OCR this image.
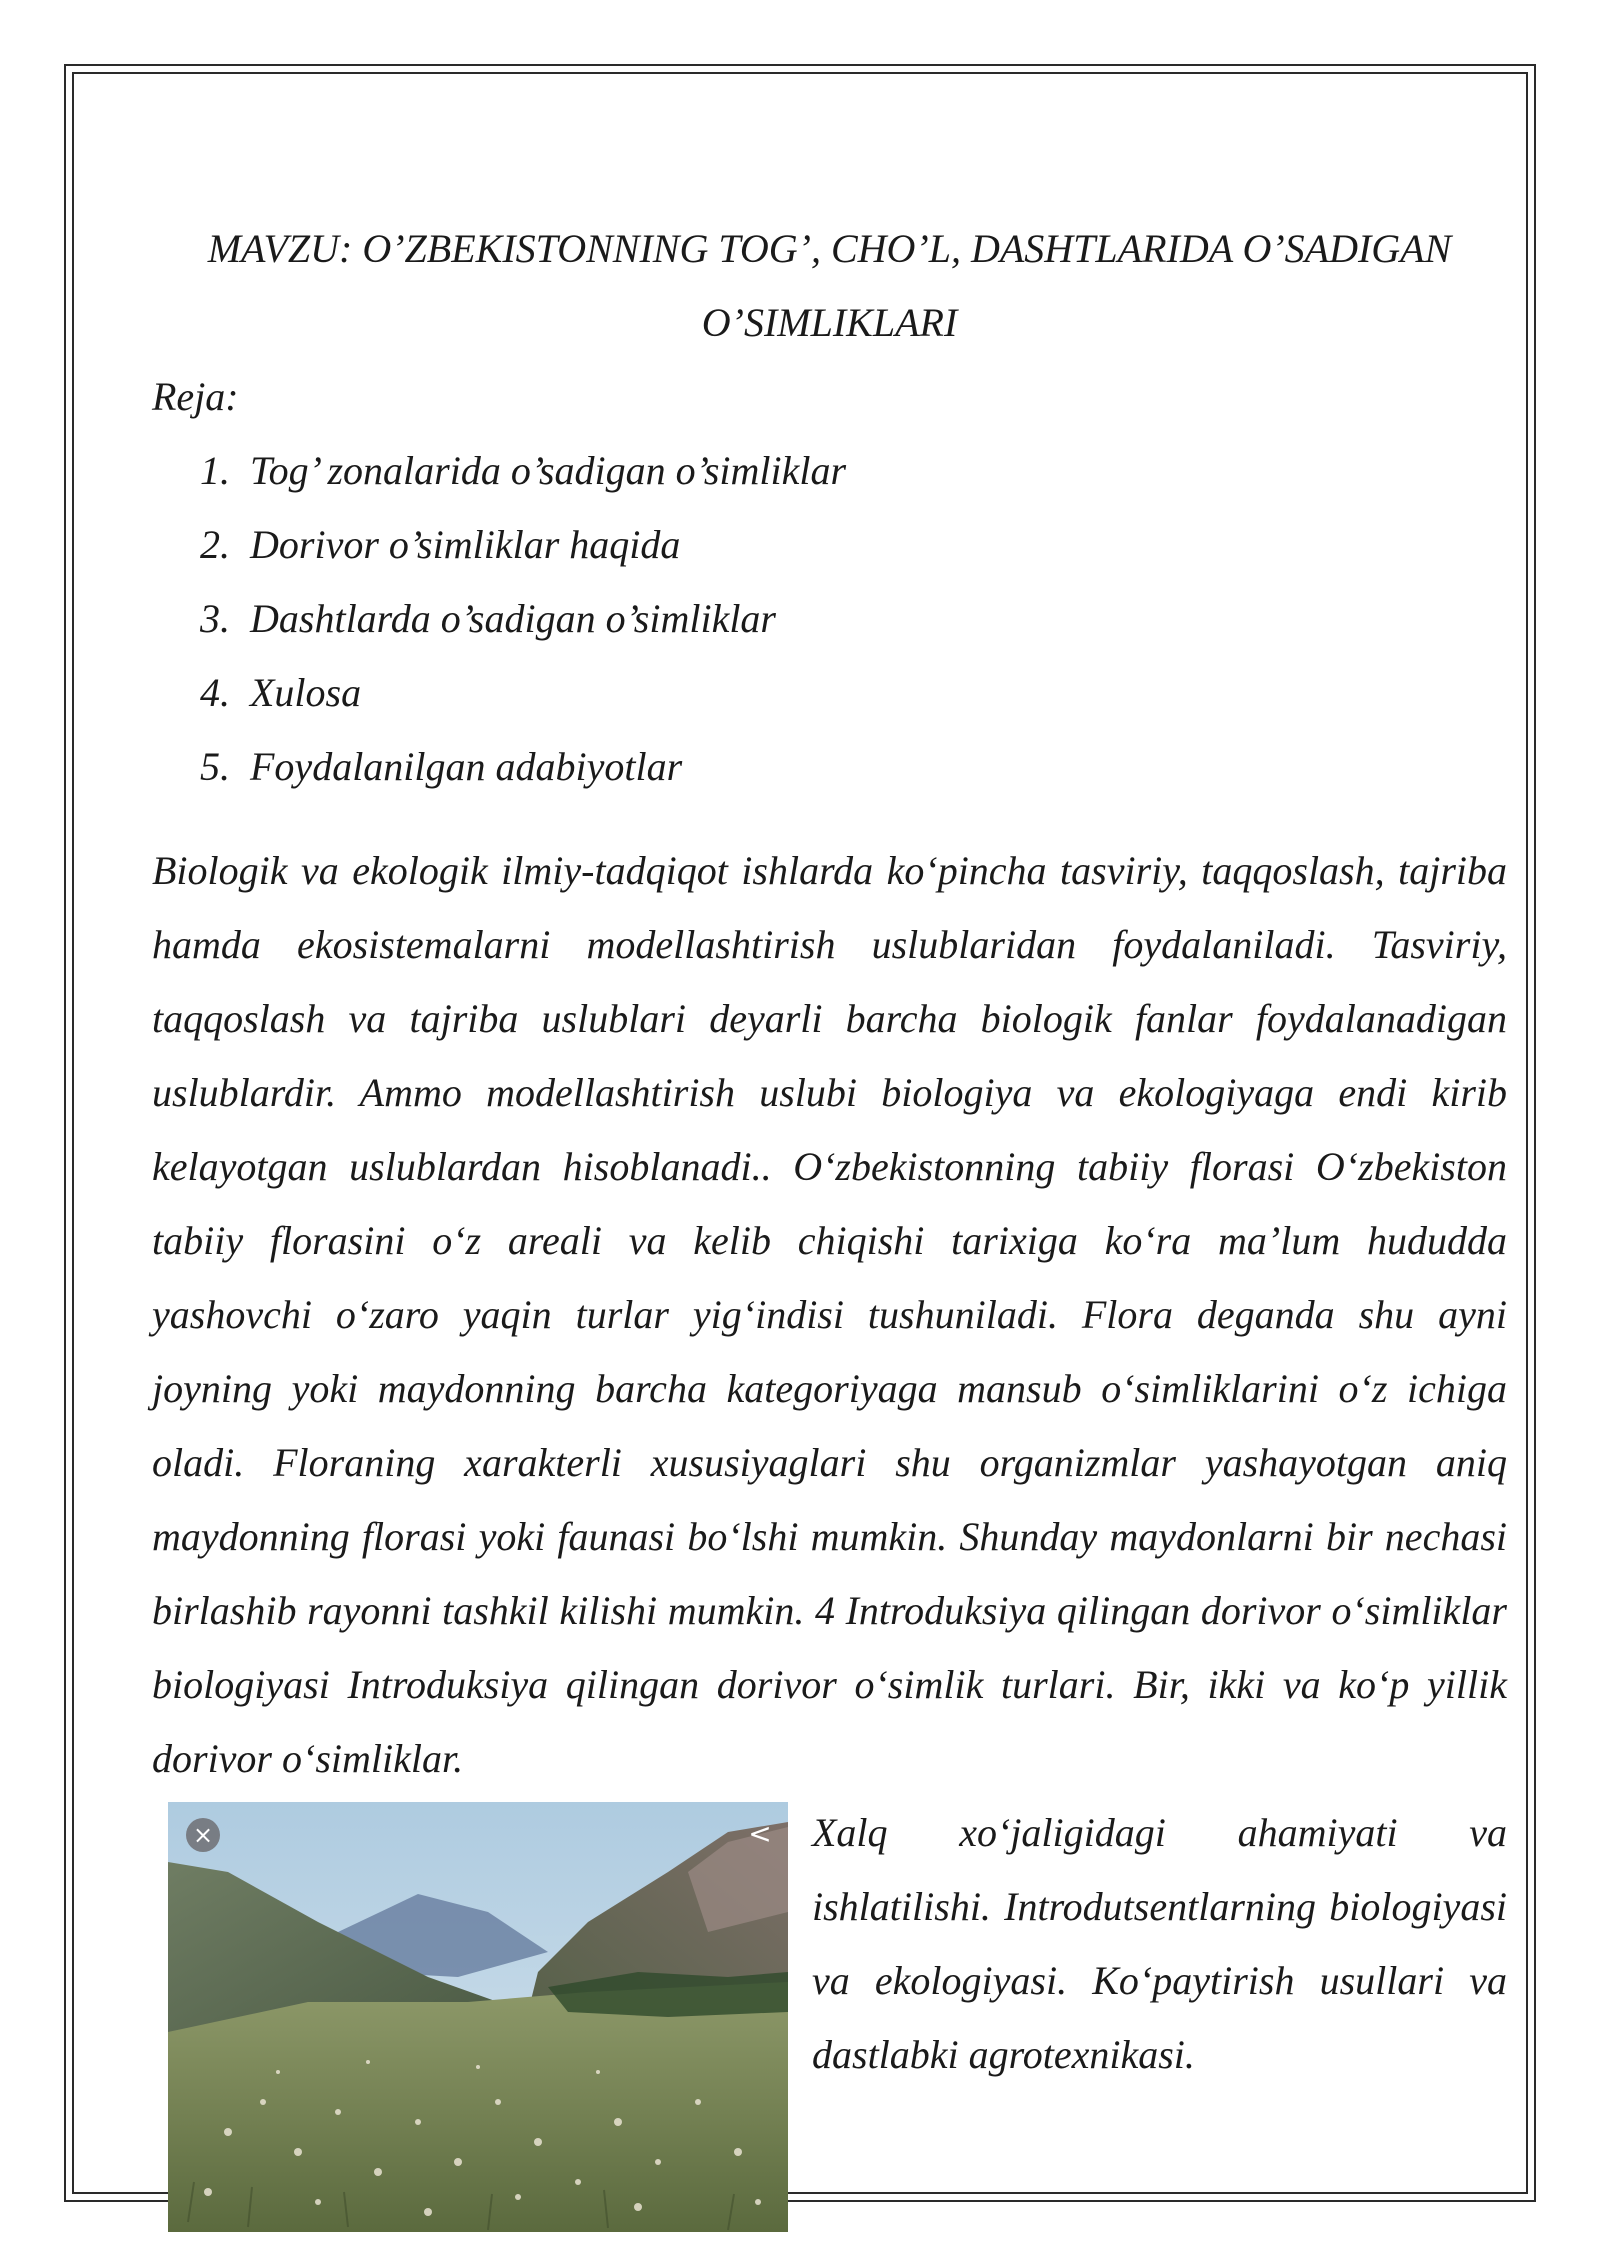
MAVZU: O’ZBEKISTONNING TOG’, CHO’L, DASHTLARIDA O’SADIGAN
O’SIMLIKLARI

Reja:

1. Tog’ zonalarida o’sadigan o’simliklar
2. Dorivor o’simliklar haqida
3. Dashtlarda o’sadigan o’simliklar
4. Xulosa
5. Foydalanilgan adabiyotlar

Biologik va ekologik ilmiy-tadqiqot ishlarda ko‘pincha tasviriy, taqqoslash, tajriba hamda ekosistemalarni modellashtirish uslublaridan foydalaniladi. Tasviriy, taqqoslash va tajriba uslublari deyarli barcha biologik fanlar foydalanadigan uslublardir. Ammo modellashtirish uslubi biologiya va ekologiyaga endi kirib kelayotgan uslublardan hisoblanadi.. O‘zbekistonning tabiiy florasi O‘zbekiston tabiiy florasini o‘z areali va kelib chiqishi tarixiga ko‘ra ma’lum hududda yashovchi o‘zaro yaqin turlar yig‘indisi tushuniladi. Flora deganda shu ayni joyning yoki maydonning barcha kategoriyaga mansub o‘simliklarini o‘z ichiga oladi. Floraning xarakterli xususiyaglari shu organizmlar yashayotgan aniq maydonning florasi yoki faunasi bo‘lshi mumkin. Shunday maydonlarni bir nechasi birlashib rayonni tashkil kilishi mumkin. 4 Introduksiya qilingan dorivor o‘simliklar biologiyasi Introduksiya qilingan dorivor o‘simlik turlari. Bir, ikki va ko‘p yillik dorivor o‘simliklar.

×	<	Xalq xo‘jaligidagi ahamiyati va ishlatilishi. Introdutsentlarning biologiyasi va ekologiyasi. Ko‘paytirish usullari va dastlabki agrotexnikasi.
